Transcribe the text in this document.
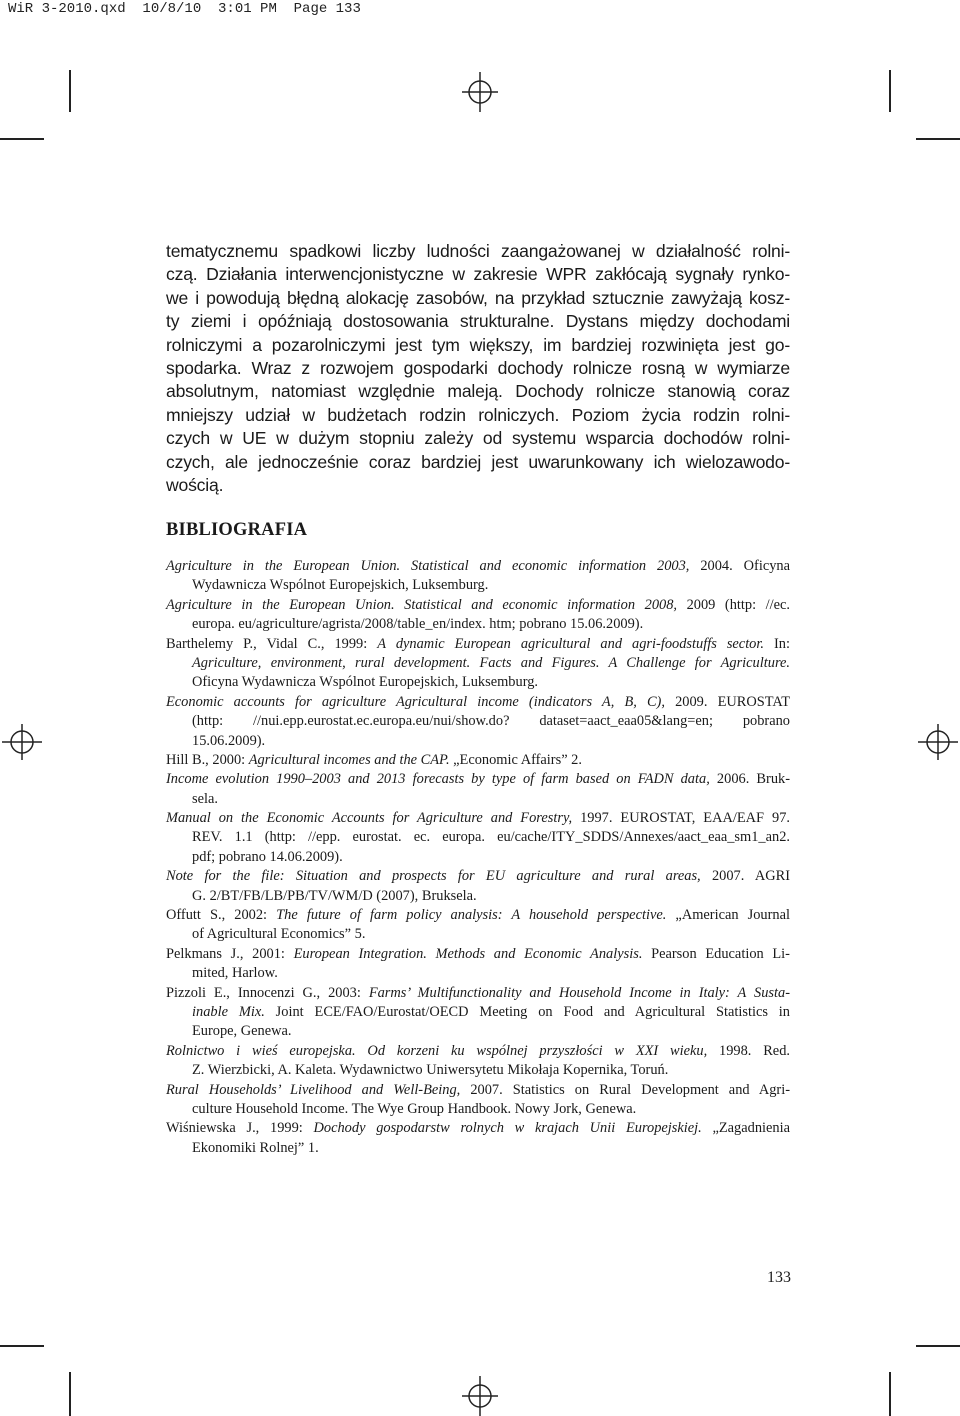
WiR 3-2010.qxd  10/8/10  3:01 PM  Page 133
tematycznemu spadkowi liczby ludności zaangażowanej w działalność rolni-
czą. Działania interwencjonistyczne w zakresie WPR zakłócają sygnały rynko-
we i powodują błędną alokację zasobów, na przykład sztucznie zawyżają kosz-
ty ziemi i opóźniają dostosowania strukturalne. Dystans między dochodami
rolniczymi a pozarolniczymi jest tym większy, im bardziej rozwinięta jest go-
spodarka. Wraz z rozwojem gospodarki dochody rolnicze rosną w wymiarze
absolutnym, natomiast względnie maleją. Dochody rolnicze stanowią coraz
mniejszy udział w budżetach rodzin rolniczych. Poziom życia rodzin rolni-
czych w UE w dużym stopniu zależy od systemu wsparcia dochodów rolni-
czych, ale jednocześnie coraz bardziej jest uwarunkowany ich wielozawodo-
wością.
BIBLIOGRAFIA
Agriculture in the European Union. Statistical and economic information 2003, 2004. Oficyna
Wydawnicza Wspólnot Europejskich, Luksemburg.
Agriculture in the European Union. Statistical and economic information 2008, 2009 (http: //ec.
europa. eu/agriculture/agrista/2008/table_en/index. htm; pobrano 15.06.2009).
Barthelemy P., Vidal C., 1999: A dynamic European agricultural and agri-foodstuffs sector. In:
Agriculture, environment, rural development. Facts and Figures. A Challenge for Agriculture.
Oficyna Wydawnicza Wspólnot Europejskich, Luksemburg.
Economic accounts for agriculture Agricultural income (indicators A, B, C), 2009. EUROSTAT
(http: //nui.epp.eurostat.ec.europa.eu/nui/show.do? dataset=aact_eaa05&lang=en; pobrano
15.06.2009).
Hill B., 2000: Agricultural incomes and the CAP. „Economic Affairs” 2.
Income evolution 1990–2003 and 2013 forecasts by type of farm based on FADN data, 2006. Bruk-
sela.
Manual on the Economic Accounts for Agriculture and Forestry, 1997. EUROSTAT, EAA/EAF 97.
REV. 1.1 (http: //epp. eurostat. ec. europa. eu/cache/ITY_SDDS/Annexes/aact_eaa_sm1_an2.
pdf; pobrano 14.06.2009).
Note for the file: Situation and prospects for EU agriculture and rural areas, 2007. AGRI
G. 2/BT/FB/LB/PB/TV/WM/D (2007), Bruksela.
Offutt S., 2002: The future of farm policy analysis: A household perspective. „American Journal
of Agricultural Economics” 5.
Pelkmans J., 2001: European Integration. Methods and Economic Analysis. Pearson Education Li-
mited, Harlow.
Pizzoli E., Innocenzi G., 2003: Farms’ Multifunctionality and Household Income in Italy: A Susta-
inable Mix. Joint ECE/FAO/Eurostat/OECD Meeting on Food and Agricultural Statistics in
Europe, Genewa.
Rolnictwo i wieś europejska. Od korzeni ku wspólnej przyszłości w XXI wieku, 1998. Red.
Z. Wierzbicki, A. Kaleta. Wydawnictwo Uniwersytetu Mikołaja Kopernika, Toruń.
Rural Households’ Livelihood and Well-Being, 2007. Statistics on Rural Development and Agri-
culture Household Income. The Wye Group Handbook. Nowy Jork, Genewa.
Wiśniewska J., 1999: Dochody gospodarstw rolnych w krajach Unii Europejskiej. „Zagadnienia
Ekonomiki Rolnej” 1.
133
